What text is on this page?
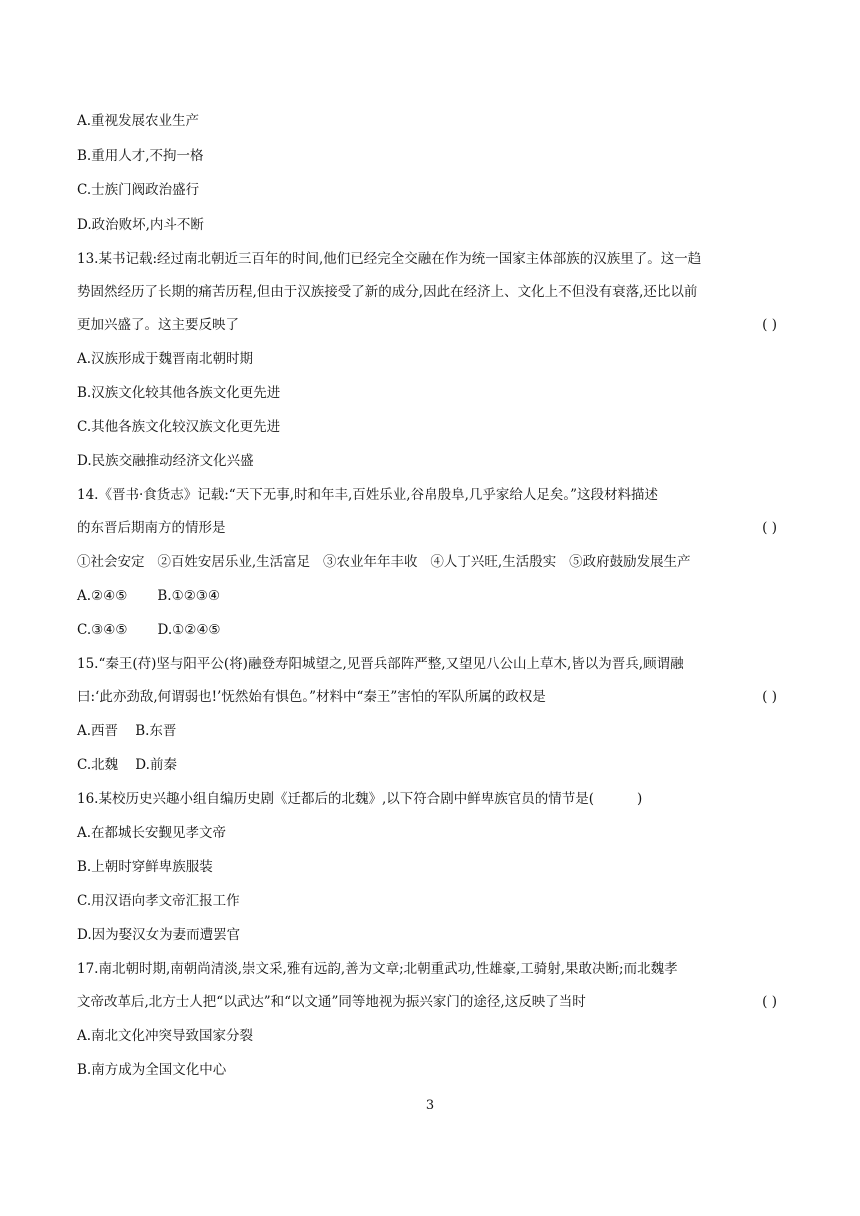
A.重视发展农业生产
B.重用人才,不拘一格
C.士族门阀政治盛行
D.政治败坏,内斗不断
13.某书记载:经过南北朝近三百年的时间,他们已经完全交融在作为统一国家主体部族的汉族里了。这一趋
势固然经历了长期的痛苦历程,但由于汉族接受了新的成分,因此在经济上、文化上不但没有衰落,还比以前
更加兴盛了。这主要反映了	( )
A.汉族形成于魏晋南北朝时期
B.汉族文化较其他各族文化更先进
C.其他各族文化较汉族文化更先进
D.民族交融推动经济文化兴盛
14.《晋书·食货志》记载:“天下无事,时和年丰,百姓乐业,谷帛殷阜,几乎家给人足矣。”这段材料描述
的东晋后期南方的情形是	( )
①社会安定   ②百姓安居乐业,生活富足   ③农业年年丰收   ④人丁兴旺,生活殷实   ⑤政府鼓励发展生产
A.②④⑤       B.①②③④
C.③④⑤       D.①②④⑤
15.“秦王(苻)坚与阳平公(将)融登寿阳城望之,见晋兵部阵严整,又望见八公山上草木,皆以为晋兵,顾谓融
曰:‘此亦劲敌,何谓弱也!’怃然始有惧色。”材料中“秦王”害怕的军队所属的政权是	( )
A.西晋    B.东晋
C.北魏    D.前秦
16.某校历史兴趣小组自编历史剧《迁都后的北魏》,以下符合剧中鲜卑族官员的情节是(          )
A.在都城长安觐见孝文帝
B.上朝时穿鲜卑族服装
C.用汉语向孝文帝汇报工作
D.因为娶汉女为妻而遭罢官
17.南北朝时期,南朝尚清淡,崇文采,雅有远韵,善为文章;北朝重武功,性雄豪,工骑射,果敢决断;而北魏孝
文帝改革后,北方士人把“以武达”和“以文通”同等地视为振兴家门的途径,这反映了当时	( )
A.南北文化冲突导致国家分裂
B.南方成为全国文化中心
3
